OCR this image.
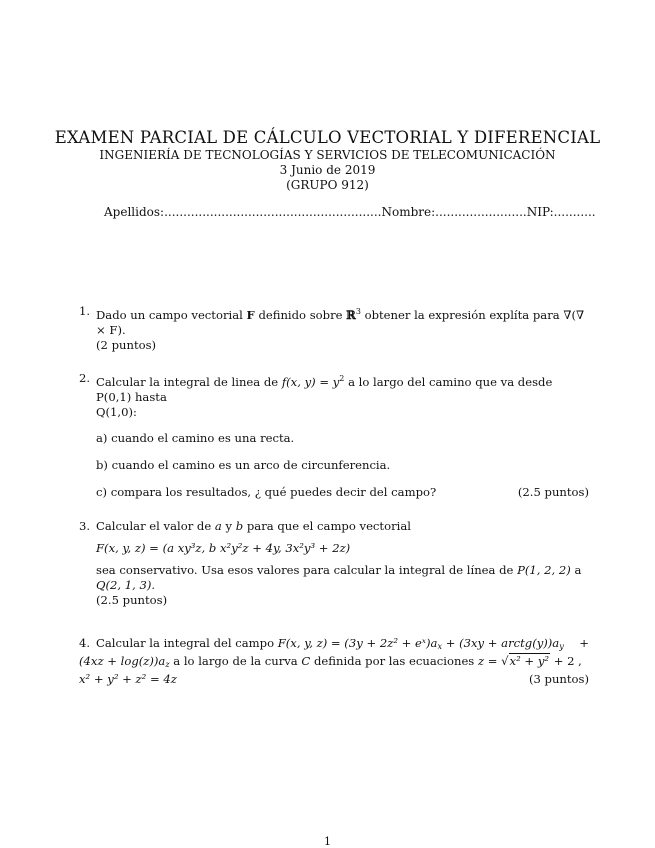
EXAMEN PARCIAL DE CÁLCULO VECTORIAL Y DIFERENCIAL
INGENIERÍA DE TECNOLOGÍAS Y SERVICIOS DE TELECOMUNICACIÓN
3 Junio de 2019
(GRUPO 912)
Apellidos:.........................................................Nombre:........................NIP:...........
1. Dado un campo vectorial F definido sobre ℝ$^3$ obtener la expresión explíta para ∇(∇ × F).
(2 puntos)
2. Calcular la integral de linea de f(x, $y) = y^2$ a lo largo del camino que va desde P(0,1) hasta
Q(1,0):
a) cuando el camino es una recta.
b) cuando el camino es un arco de circunferencia.
c) compara los resultados, ¿ qué puedes decir del campo?	(2.5 puntos)
3. Calcular el valor de a y b para que el campo vectorial
F(x, y, z) = (a xy³z, b x²y²z + 4y, 3x²y³ + 2z)
sea conservativo. Usa esos valores para calcular la integral de línea de P(1, 2, 2) a Q(2, 1, 3).
(2.5 puntos)
4. Calcular la integral del campo F(x, y, $z) = (3y + 2z^2 + eˣ)a_x + (3xy$ + $arctg(y))a_y$ +
$(4xz + \log(z))a_z$ a lo largo de la curva C definida por las ecuaciones z = √x² + y² + 2 ,
x² + y² + z² = 4z	(3 puntos)
1
